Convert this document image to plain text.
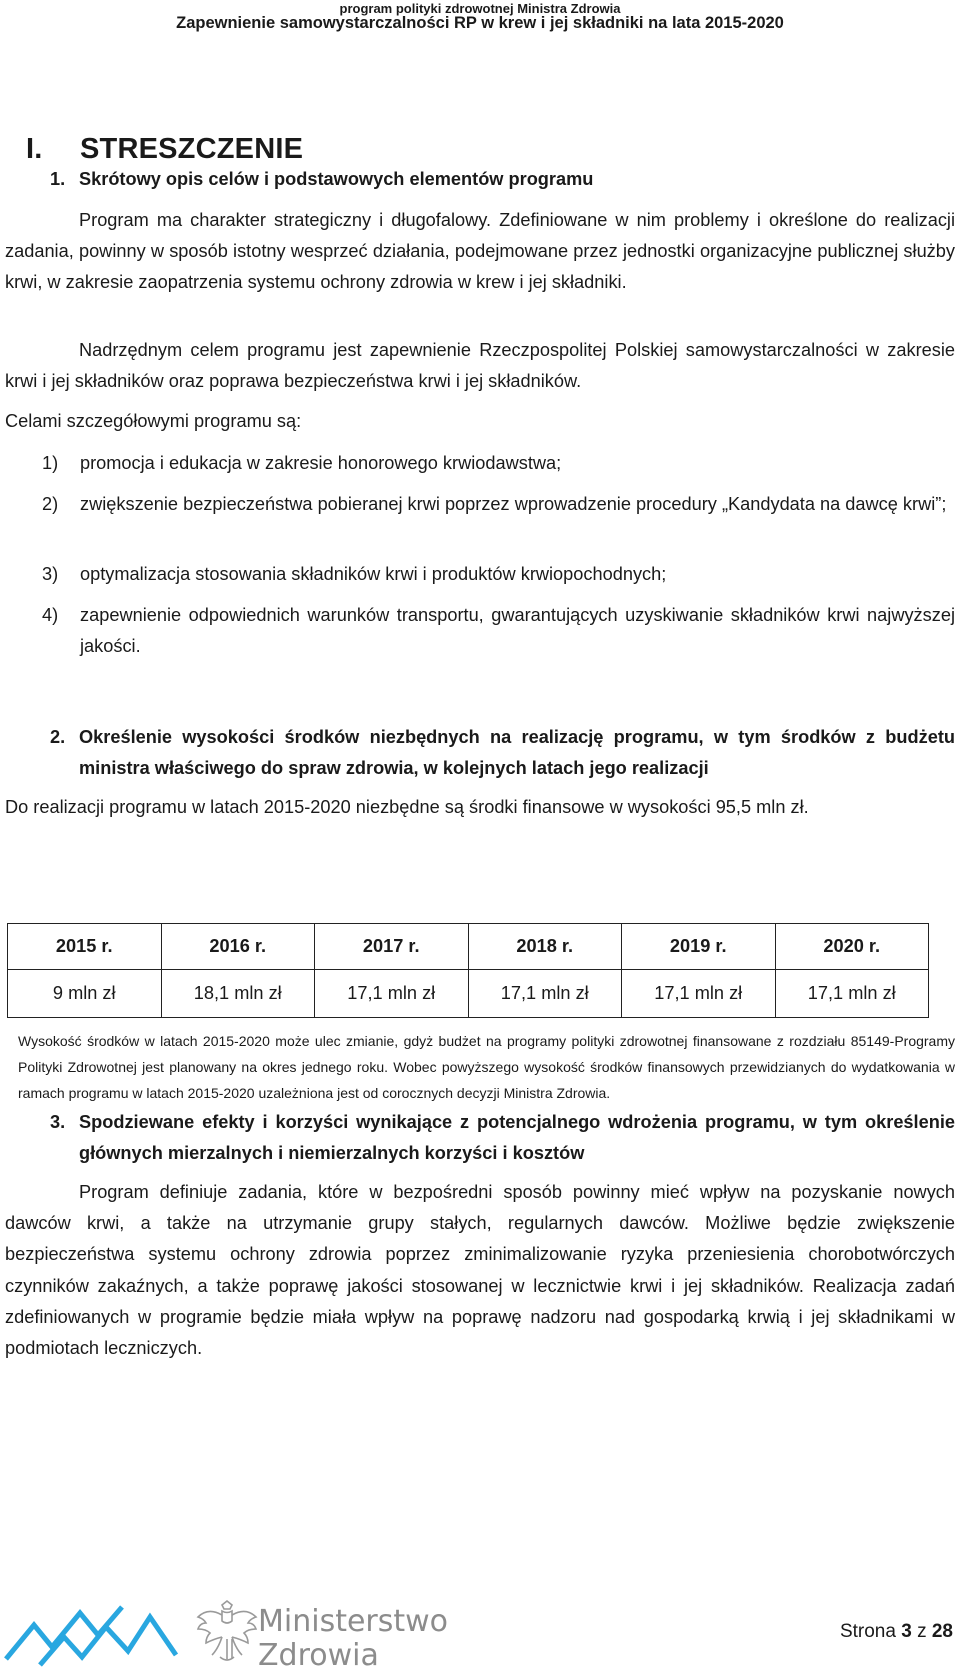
program polityki zdrowotnej Ministra Zdrowia
Zapewnienie samowystarczalności RP w krew i jej składniki na lata 2015-2020
I. STRESZCZENIE
1. Skrótowy opis celów i podstawowych elementów programu
Program ma charakter strategiczny i długofalowy. Zdefiniowane w nim problemy i określone do realizacji zadania, powinny w sposób istotny wesprzeć działania, podejmowane przez jednostki organizacyjne publicznej służby krwi, w zakresie zaopatrzenia systemu ochrony zdrowia w krew i jej składniki.
Nadrzędnym celem programu jest zapewnienie Rzeczpospolitej Polskiej samowystarczalności w zakresie krwi i jej składników oraz poprawa bezpieczeństwa krwi i jej składników.
Celami szczegółowymi programu są:
1) promocja i edukacja w zakresie honorowego krwiodawstwa;
2) zwiększenie bezpieczeństwa pobieranej krwi poprzez wprowadzenie procedury „Kandydata na dawcę krwi”;
3) optymalizacja stosowania składników krwi i produktów krwiopochodnych;
4) zapewnienie odpowiednich warunków transportu, gwarantujących uzyskiwanie składników krwi najwyższej jakości.
2. Określenie wysokości środków niezbędnych na realizację programu, w tym środków z budżetu ministra właściwego do spraw zdrowia, w kolejnych latach jego realizacji
Do realizacji programu w latach 2015-2020 niezbędne są środki finansowe w wysokości 95,5 mln zł.
2015 r.	2016 r.	2017 r.	2018 r.	2019 r.	2020 r.
9 mln zł	18,1 mln zł	17,1 mln zł	17,1 mln zł	17,1 mln zł	17,1 mln zł
Wysokość środków w latach 2015-2020 może ulec zmianie, gdyż budżet na programy polityki zdrowotnej finansowane z rozdziału 85149-Programy Polityki Zdrowotnej jest planowany na okres jednego roku. Wobec powyższego wysokość środków finansowych przewidzianych do wydatkowania w ramach programu w latach 2015-2020 uzależniona jest od corocznych decyzji Ministra Zdrowia.
3. Spodziewane efekty i korzyści wynikające z potencjalnego wdrożenia programu, w tym określenie głównych mierzalnych i niemierzalnych korzyści i kosztów
Program definiuje zadania, które w bezpośredni sposób powinny mieć wpływ na pozyskanie nowych dawców krwi, a także na utrzymanie grupy stałych, regularnych dawców. Możliwe będzie zwiększenie bezpieczeństwa systemu ochrony zdrowia poprzez zminimalizowanie ryzyka przeniesienia chorobotwórczych czynników zakaźnych, a także poprawę jakości stosowanej w lecznictwie krwi i jej składników. Realizacja zadań zdefiniowanych w programie będzie miała wpływ na poprawę nadzoru nad gospodarką krwią i jej składnikami w podmiotach leczniczych.
Ministerstwo
Zdrowia
Strona 3 z 28
